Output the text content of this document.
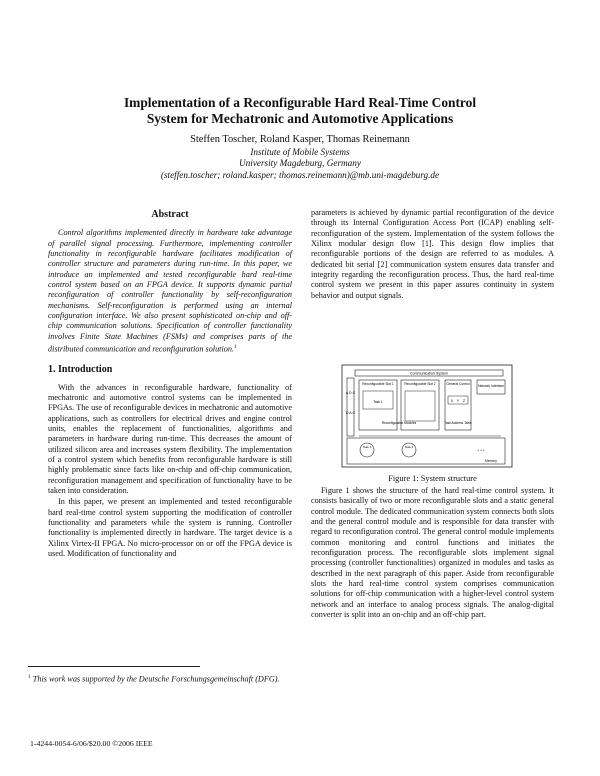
Implementation of a Reconfigurable Hard Real-Time Control
System for Mechatronic and Automotive Applications
Steffen Toscher, Roland Kasper, Thomas Reinemann
Institute of Mobile Systems
University Magdeburg, Germany
(steffen.toscher; roland.kasper; thomas.reinemann)@mb.uni-magdeburg.de
Abstract

Control algorithms implemented directly in hardware take advantage of parallel signal processing. Furthermore, implementing controller functionality in reconfigurable hardware facilitates modification of controller structure and parameters during run-time. In this paper, we introduce an implemented and tested reconfigurable hard real-time control system based on an FPGA device. It supports dynamic partial reconfiguration of controller functionality by self-reconfiguration mechanisms. Self-reconfiguration is performed using an internal configuration interface. We also present sophisticated on-chip and off-chip communication solutions. Specification of controller functionality involves Finite State Machines (FSMs) and comprises parts of the distributed communication and reconfiguration solution.$^1$

1. Introduction

With the advances in reconfigurable hardware, functionality of mechatronic and automotive control systems can be implemented in FPGAs. The use of reconfigurable devices in mechatronic and automotive applications, such as controllers for electrical drives and engine control units, enables the replacement of functionalities, algorithms and parameters in hardware during run-time. This decreases the amount of utilized silicon area and increases system flexibility. The implementation of a control system which benefits from reconfigurable hardware is still highly problematic since facts like on-chip and off-chip communication, reconfiguration management and specification of functionality have to be taken into consideration.

In this paper, we present an implemented and tested reconfigurable hard real-time control system supporting the modification of controller functionality and parameters while the system is running. Controller functionality is implemented directly in hardware. The target device is a Xilinx Virtex-II FPGA. No micro-processor on or off the FPGA device is used. Modification of functionality and

parameters is achieved by dynamic partial reconfiguration of the device through its Internal Configuration Access Port (ICAP) enabling self-reconfiguration of the system. Implementation of the system follows the Xilinx modular design flow [1]. This design flow implies that reconfigurable portions of the design are referred to as modules. A dedicated bit serial [2] communication system ensures data transfer and integrity regarding the reconfiguration process. Thus, the hard real-time control system we present in this paper assures continuity in system behavior and output signals.

Communication System
A D C
D A C
Reconfigurable Slot 1
Task 1
Reconfigurable Slot 2
Reconfigurable Modules
General Control
X Y Z
Task Address Table
Network Interface
Task 1	Task 2
* * *
Memory
Figure 1: System structure

Figure 1 shows the structure of the hard real-time control system. It consists basically of two or more reconfigurable slots and a static general control module. The dedicated communication system connects both slots and the general control module and is responsible for data transfer with regard to reconfiguration control. The general control module implements common monitoring and control functions and initiates the reconfiguration process. The reconfigurable slots implement signal processing (controller functionalities) organized in modules and tasks as described in the next paragraph of this paper. Aside from reconfigurable slots the hard real-time control system comprises communication solutions for off-chip communication with a higher-level control system network and an interface to analog process signals. The analog-digital converter is split into an on-chip and an off-chip part.

$^1$ This work was supported by the Deutsche Forschungsgemeinschaft (DFG).
1-4244-0054-6/06/$20.00 ©2006 IEEE
